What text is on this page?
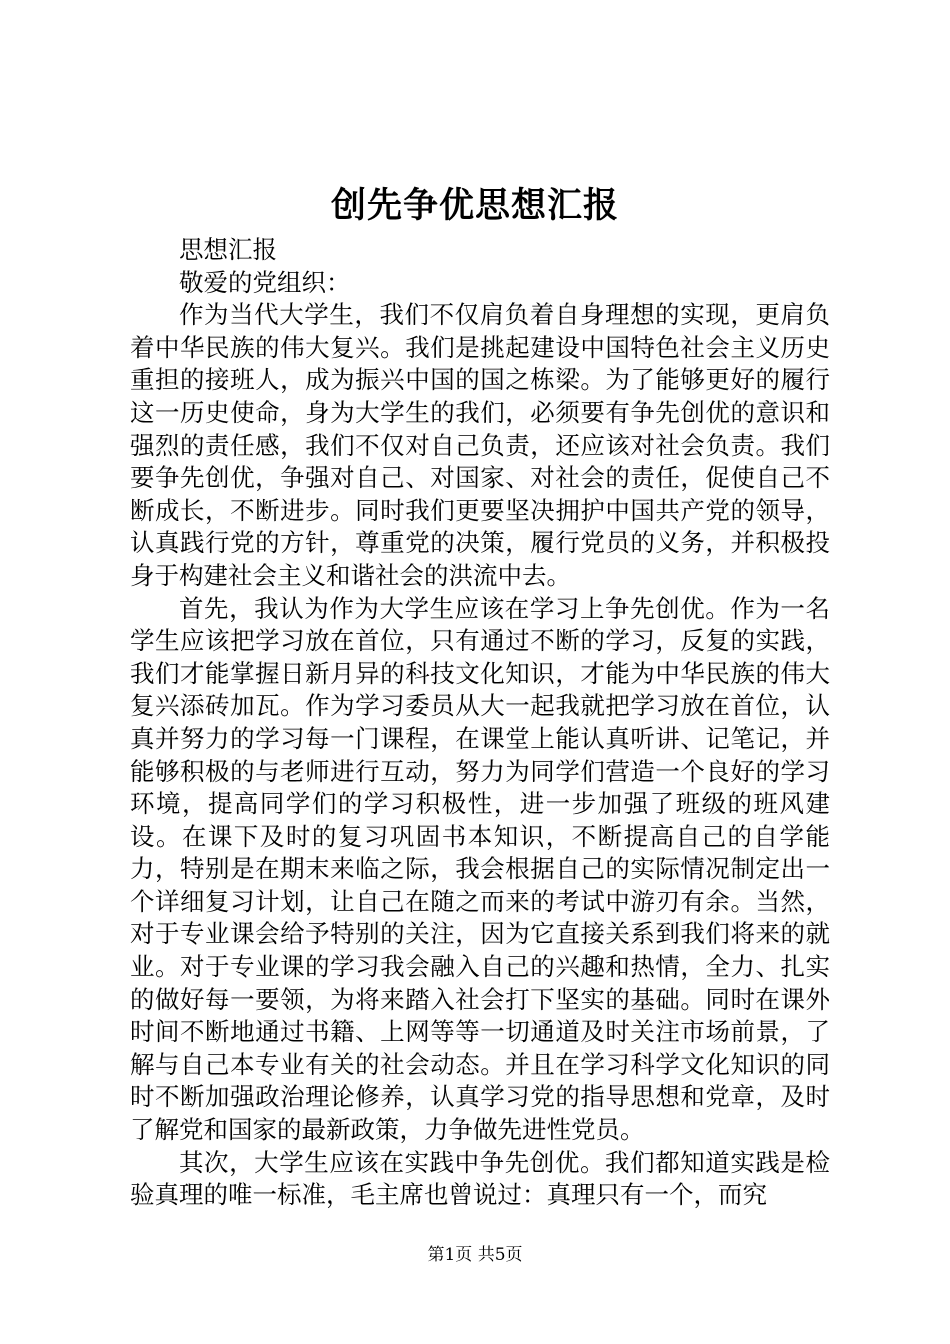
创先争优思想汇报

思想汇报

敬爱的党组织：

作为当代大学生，我们不仅肩负着自身理想的实现，更肩负着中华民族的伟大复兴。我们是挑起建设中国特色社会主义历史重担的接班人，成为振兴中国的国之栋梁。为了能够更好的履行这一历史使命，身为大学生的我们，必须要有争先创优的意识和强烈的责任感，我们不仅对自己负责，还应该对社会负责。我们要争先创优，争强对自己、对国家、对社会的责任，促使自己不断成长，不断进步。同时我们更要坚决拥护中国共产党的领导，认真践行党的方针，尊重党的决策，履行党员的义务，并积极投身于构建社会主义和谐社会的洪流中去。

首先，我认为作为大学生应该在学习上争先创优。作为一名学生应该把学习放在首位，只有通过不断的学习，反复的实践，我们才能掌握日新月异的科技文化知识，才能为中华民族的伟大复兴添砖加瓦。作为学习委员从大一起我就把学习放在首位，认真并努力的学习每一门课程，在课堂上能认真听讲、记笔记，并能够积极的与老师进行互动，努力为同学们营造一个良好的学习环境，提高同学们的学习积极性，进一步加强了班级的班风建设。在课下及时的复习巩固书本知识，不断提高自己的自学能力，特别是在期末来临之际，我会根据自己的实际情况制定出一个详细复习计划，让自己在随之而来的考试中游刃有余。当然，对于专业课会给予特别的关注，因为它直接关系到我们将来的就业。对于专业课的学习我会融入自己的兴趣和热情，全力、扎实的做好每一要领，为将来踏入社会打下坚实的基础。同时在课外时间不断地通过书籍、上网等等一切通道及时关注市场前景，了解与自己本专业有关的社会动态。并且在学习科学文化知识的同时不断加强政治理论修养，认真学习党的指导思想和党章，及时了解党和国家的最新政策，力争做先进性党员。

其次，大学生应该在实践中争先创优。我们都知道实践是检验真理的唯一标准，毛主席也曾说过：真理只有一个，而究

第1页 共5页
